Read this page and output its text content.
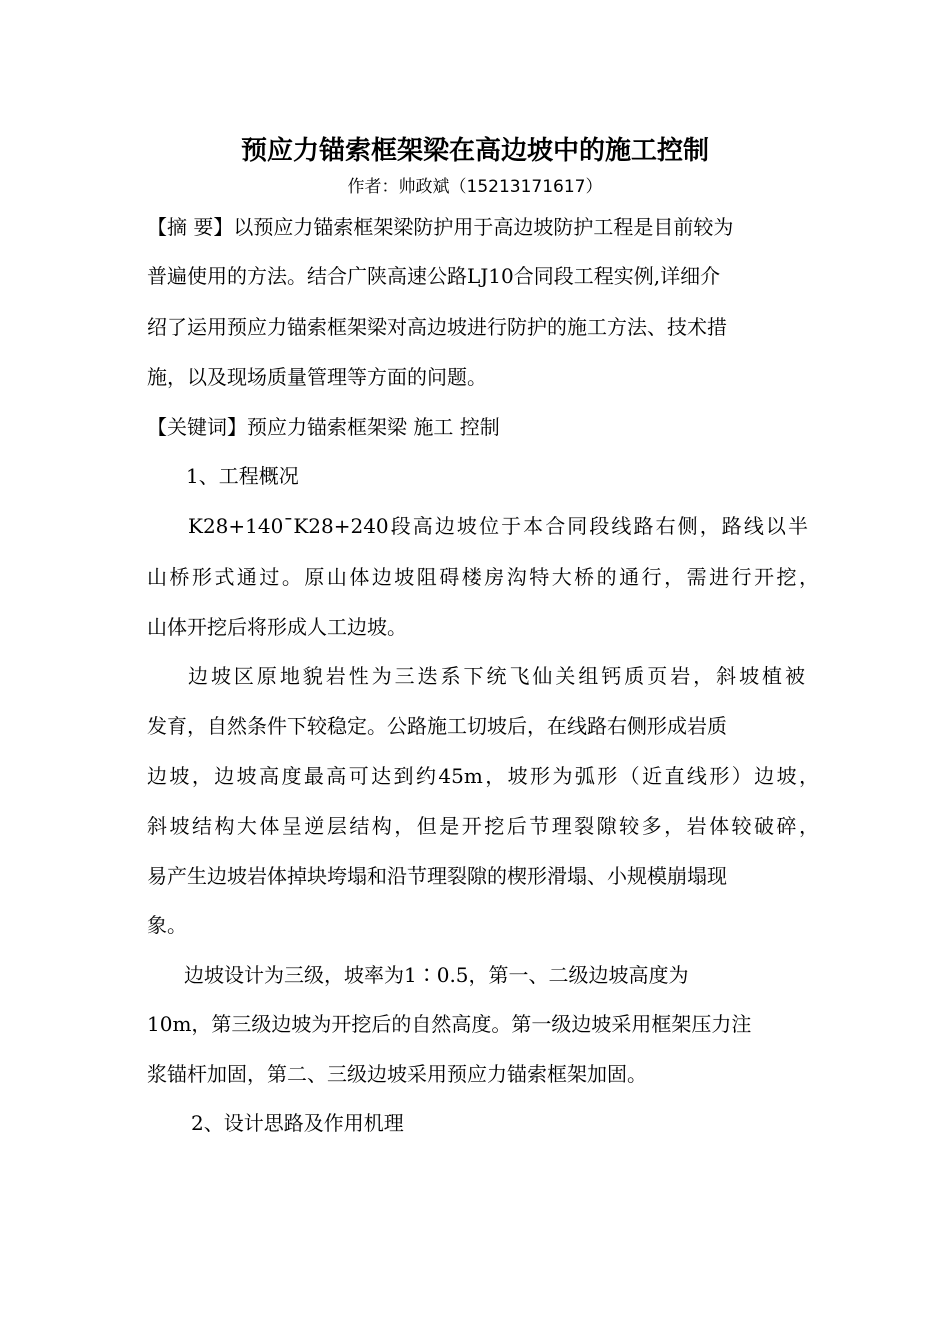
预应力锚索框架梁在高边坡中的施工控制
作者：帅政斌（15213171617）
【摘 要】以预应力锚索框架梁防护用于高边坡防护工程是目前较为
普遍使用的方法。结合广陕高速公路LJ10合同段工程实例,详细介
绍了运用预应力锚索框架梁对高边坡进行防护的施工方法、技术措
施，以及现场质量管理等方面的问题。
【关键词】预应力锚索框架梁 施工 控制
1、工程概况
K28+140¯K28+240段高边坡位于本合同段线路右侧，路线以半
山桥形式通过。原山体边坡阻碍楼房沟特大桥的通行，需进行开挖，
山体开挖后将形成人工边坡。
边坡区原地貌岩性为三迭系下统飞仙关组钙质页岩，斜坡植被
发育，自然条件下较稳定。公路施工切坡后，在线路右侧形成岩质
边坡，边坡高度最高可达到约45m，坡形为弧形（近直线形）边坡，
斜坡结构大体呈逆层结构，但是开挖后节理裂隙较多，岩体较破碎，
易产生边坡岩体掉块垮塌和沿节理裂隙的楔形滑塌、小规模崩塌现
象。
边坡设计为三级，坡率为1∶0.5，第一、二级边坡高度为
10m，第三级边坡为开挖后的自然高度。第一级边坡采用框架压力注
浆锚杆加固，第二、三级边坡采用预应力锚索框架加固。
2、设计思路及作用机理
